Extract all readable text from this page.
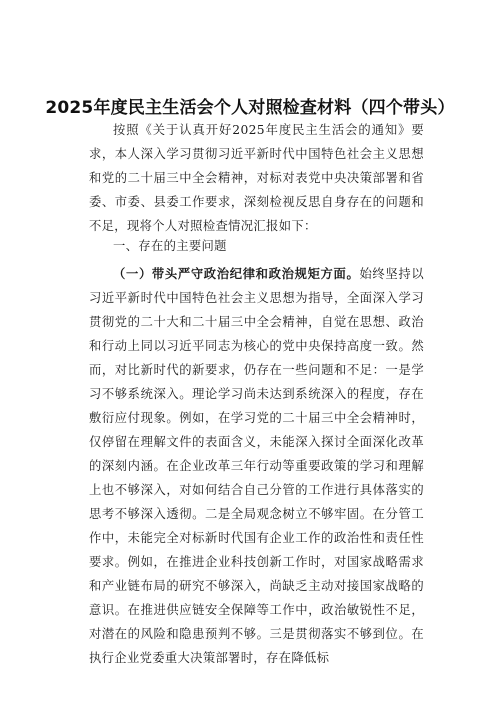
2025年度民主生活会个人对照检查材料（四个带头）
按照《关于认真开好2025年度民主生活会的通知》要求，本人深入学习贯彻习近平新时代中国特色社会主义思想和党的二十届三中全会精神，对标对表党中央决策部署和省委、市委、县委工作要求，深刻检视反思自身存在的问题和不足，现将个人对照检查情况汇报如下：
一、存在的主要问题
（一）带头严守政治纪律和政治规矩方面。始终坚持以习近平新时代中国特色社会主义思想为指导，全面深入学习贯彻党的二十大和二十届三中全会精神，自觉在思想、政治和行动上同以习近平同志为核心的党中央保持高度一致。然而，对比新时代的新要求，仍存在一些问题和不足：一是学习不够系统深入。理论学习尚未达到系统深入的程度，存在敷衍应付现象。例如，在学习党的二十届三中全会精神时，仅停留在理解文件的表面含义，未能深入探讨全面深化改革的深刻内涵。在企业改革三年行动等重要政策的学习和理解上也不够深入，对如何结合自己分管的工作进行具体落实的思考不够深入透彻。二是全局观念树立不够牢固。在分管工作中，未能完全对标新时代国有企业工作的政治性和责任性要求。例如，在推进企业科技创新工作时，对国家战略需求和产业链布局的研究不够深入，尚缺乏主动对接国家战略的意识。在推进供应链安全保障等工作中，政治敏锐性不足，对潜在的风险和隐患预判不够。三是贯彻落实不够到位。在执行企业党委重大决策部署时，存在降低标
